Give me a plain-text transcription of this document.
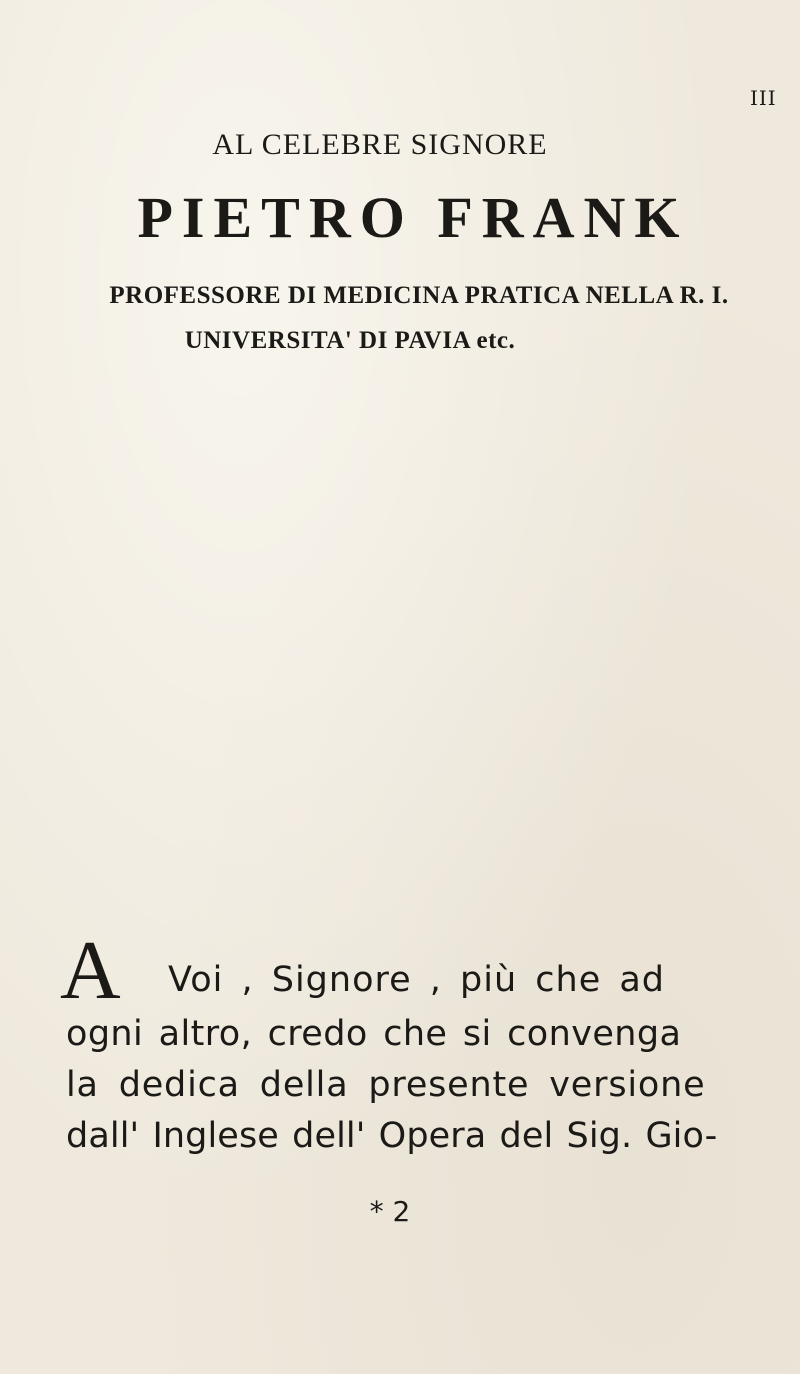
III
AL CELEBRE SIGNORE
PIETRO FRANK
PROFESSORE DI MEDICINA PRATICA NELLA R. I.
UNIVERSITA' DI PAVIA etc.
A Voi , Signore , più che ad
ogni altro, credo che si convenga
la dedica della presente versione
dall' Inglese dell' Opera del Sig. Gio-
* 2
